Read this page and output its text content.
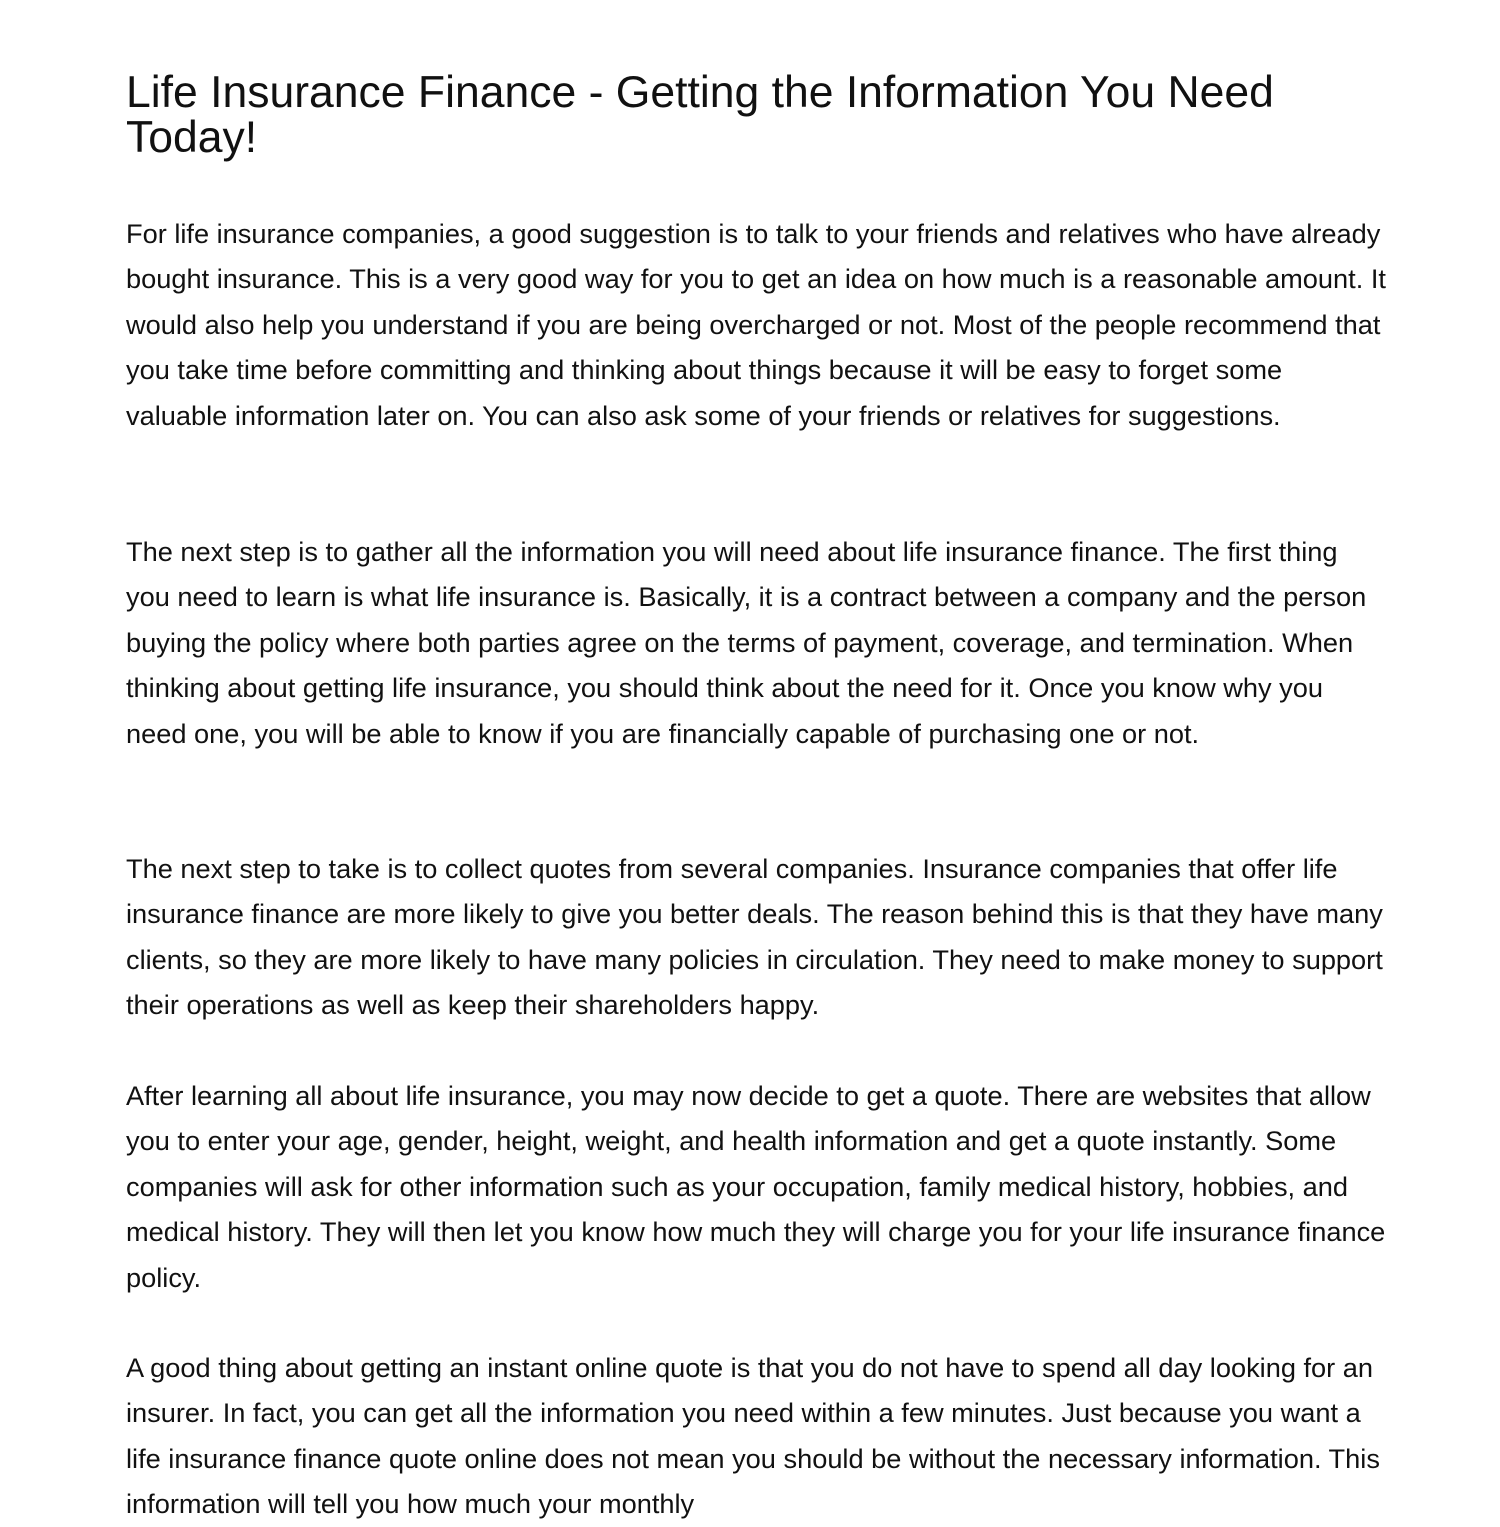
Life Insurance Finance - Getting the Information You Need Today!

For life insurance companies, a good suggestion is to talk to your friends and relatives who have already bought insurance. This is a very good way for you to get an idea on how much is a reasonable amount. It would also help you understand if you are being overcharged or not. Most of the people recommend that you take time before committing and thinking about things because it will be easy to forget some valuable information later on. You can also ask some of your friends or relatives for suggestions.

The next step is to gather all the information you will need about life insurance finance. The first thing you need to learn is what life insurance is. Basically, it is a contract between a company and the person buying the policy where both parties agree on the terms of payment, coverage, and termination. When thinking about getting life insurance, you should think about the need for it. Once you know why you need one, you will be able to know if you are financially capable of purchasing one or not.

The next step to take is to collect quotes from several companies. Insurance companies that offer life insurance finance are more likely to give you better deals. The reason behind this is that they have many clients, so they are more likely to have many policies in circulation. They need to make money to support their operations as well as keep their shareholders happy.

After learning all about life insurance, you may now decide to get a quote. There are websites that allow you to enter your age, gender, height, weight, and health information and get a quote instantly. Some companies will ask for other information such as your occupation, family medical history, hobbies, and medical history. They will then let you know how much they will charge you for your life insurance finance policy.

A good thing about getting an instant online quote is that you do not have to spend all day looking for an insurer. In fact, you can get all the information you need within a few minutes. Just because you want a life insurance finance quote online does not mean you should be without the necessary information. This information will tell you how much your monthly
